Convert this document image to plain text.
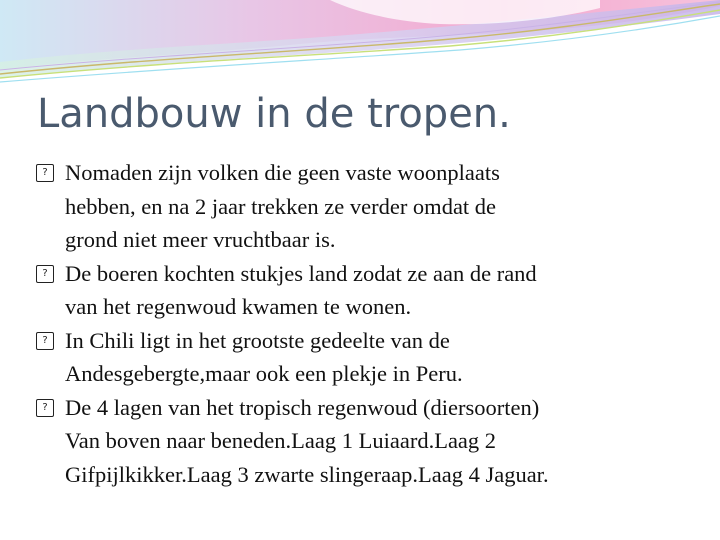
Landbouw in de tropen.
? Nomaden zijn volken die geen vaste woonplaats
hebben, en na 2 jaar trekken ze verder omdat de
grond niet meer vruchtbaar is.
? De boeren kochten stukjes land zodat ze aan de rand
van het regenwoud kwamen te wonen.
? In Chili ligt in het grootste gedeelte van de
Andesgebergte,maar ook een plekje in Peru.
? De 4 lagen van het tropisch regenwoud (diersoorten)
Van boven naar beneden.Laag 1 Luiaard.Laag 2
Gifpijlkikker.Laag 3 zwarte slingeraap.Laag 4 Jaguar.
